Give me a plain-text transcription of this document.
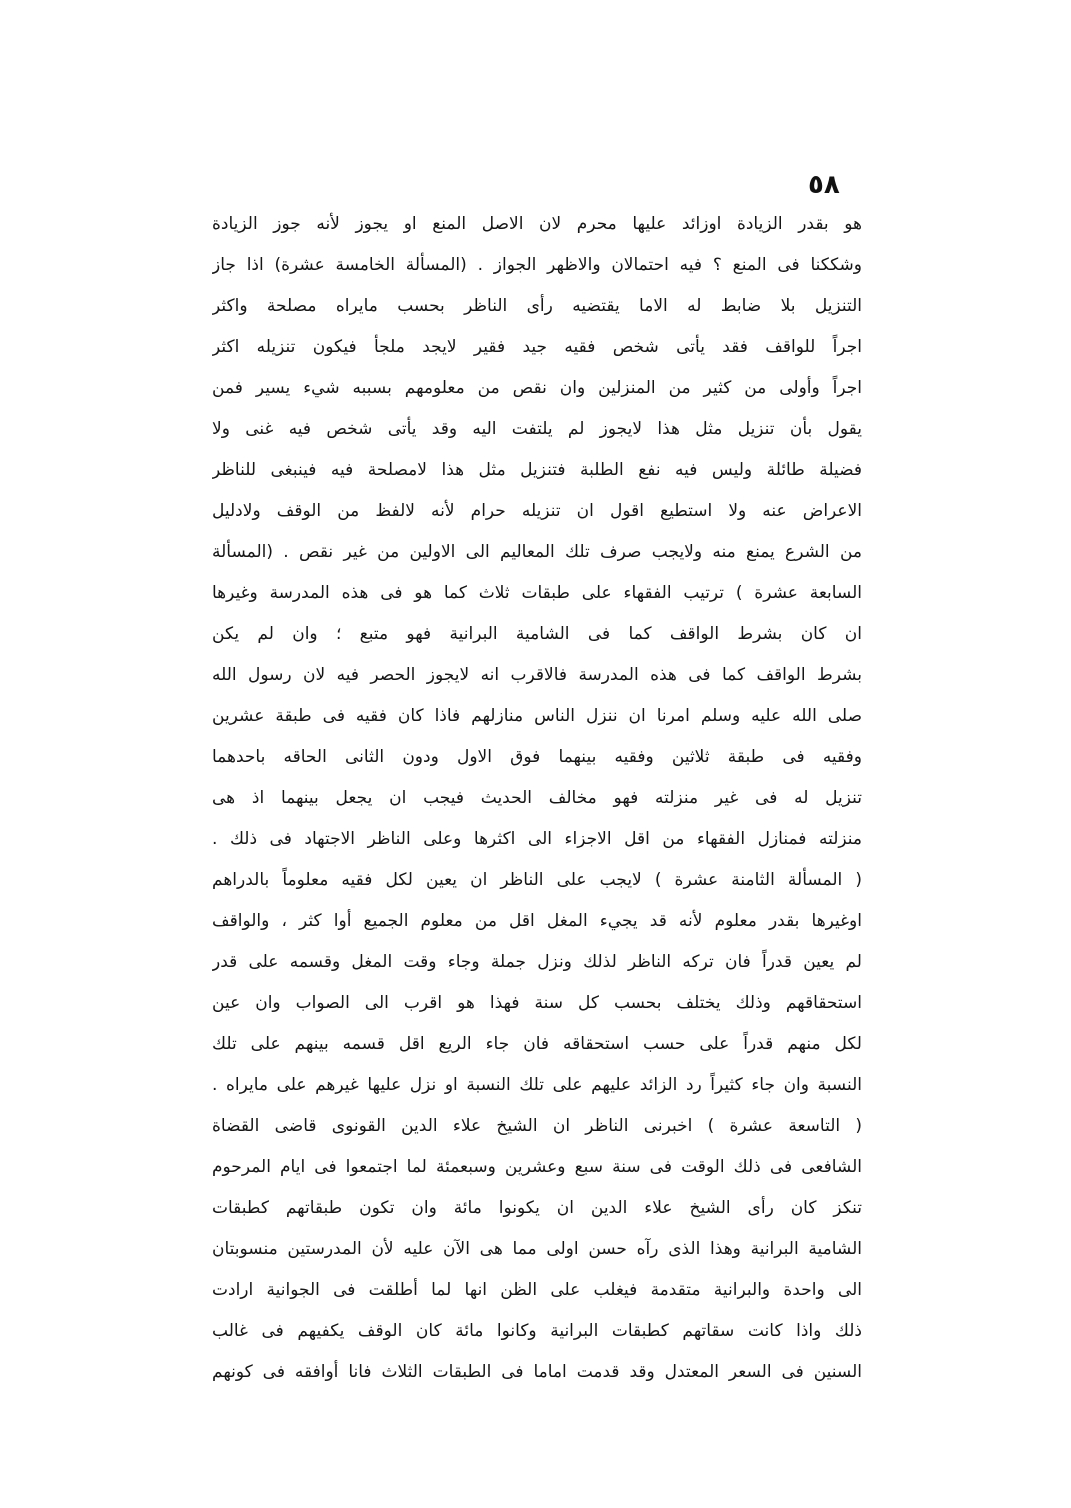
٥٨
هو بقدر الزيادة اوزائد عليها محرم لان الاصل المنع او يجوز لأنه جوز الزيادة
وشككنا فى المنع ؟ فيه احتمالان والاظهر الجواز . (المسألة الخامسة عشرة) اذا جاز
التنزيل بلا ضابط له الاما يقتضيه رأى الناظر بحسب مايراه مصلحة واكثر
اجراً للواقف فقد يأتى شخص فقيه جيد فقير لايجد ملجأ فيكون تنزيله اكثر
اجراً وأولى من كثير من المنزلين وان نقص من معلومهم بسببه شيء يسير فمن
يقول بأن تنزيل مثل هذا لايجوز لم يلتفت اليه وقد يأتى شخص فيه غنى ولا
فضيلة طائلة وليس فيه نفع الطلبة فتنزيل مثل هذا لامصلحة فيه فينبغى للناظر
الاعراض عنه ولا استطيع اقول ان تنزيله حرام لأنه لالفظ من الوقف ولادليل
من الشرع يمنع منه ولايجب صرف تلك المعاليم الى الاولين من غير نقص . (المسألة
السابعة عشرة ) ترتيب الفقهاء على طبقات ثلاث كما هو فى هذه المدرسة وغيرها
ان كان بشرط الواقف كما فى الشامية البرانية فهو متبع ؛ وان لم يكن
بشرط الواقف كما فى هذه المدرسة فالاقرب انه لايجوز الحصر فيه لان رسول الله
صلى الله عليه وسلم امرنا ان ننزل الناس منازلهم فاذا كان فقيه فى طبقة عشرين
وفقيه فى طبقة ثلاثين وفقيه بينهما فوق الاول ودون الثانى الحاقه باحدهما
تنزيل له فى غير منزلته فهو مخالف الحديث فيجب ان يجعل بينهما اذ هى
منزلته فمنازل الفقهاء من اقل الاجزاء الى اكثرها وعلى الناظر الاجتهاد فى ذلك .
( المسألة الثامنة عشرة ) لايجب على الناظر ان يعين لكل فقيه معلوماً بالدراهم
اوغيرها بقدر معلوم لأنه قد يجيء المغل اقل من معلوم الجميع أوا كثر ، والواقف
لم يعين قدراً فان تركه الناظر لذلك ونزل جملة وجاء وقت المغل وقسمه على قدر
استحقاقهم وذلك يختلف بحسب كل سنة فهذا هو اقرب الى الصواب وان عين
لكل منهم قدراً على حسب استحقاقه فان جاء الريع اقل قسمه بينهم على تلك
النسبة وان جاء كثيراً رد الزائد عليهم على تلك النسبة او نزل عليها غيرهم على مايراه .
( التاسعة عشرة ) اخبرنى الناظر ان الشيخ علاء الدين القونوى قاضى القضاة
الشافعى فى ذلك الوقت فى سنة سبع وعشرين وسبعمئة لما اجتمعوا فى ايام المرحوم
تنكز كان رأى الشيخ علاء الدين ان يكونوا مائة وان تكون طبقاتهم كطبقات
الشامية البرانية وهذا الذى رآه حسن اولى مما هى الآن عليه لأن المدرستين منسوبتان
الى واحدة والبرانية متقدمة فيغلب على الظن انها لما أطلقت فى الجوانية ارادت
ذلك واذا كانت سقاتهم كطبقات البرانية وكانوا مائة كان الوقف يكفيهم فى غالب
السنين فى السعر المعتدل وقد قدمت اماما فى الطبقات الثلاث فانا أوافقه فى كونهم
